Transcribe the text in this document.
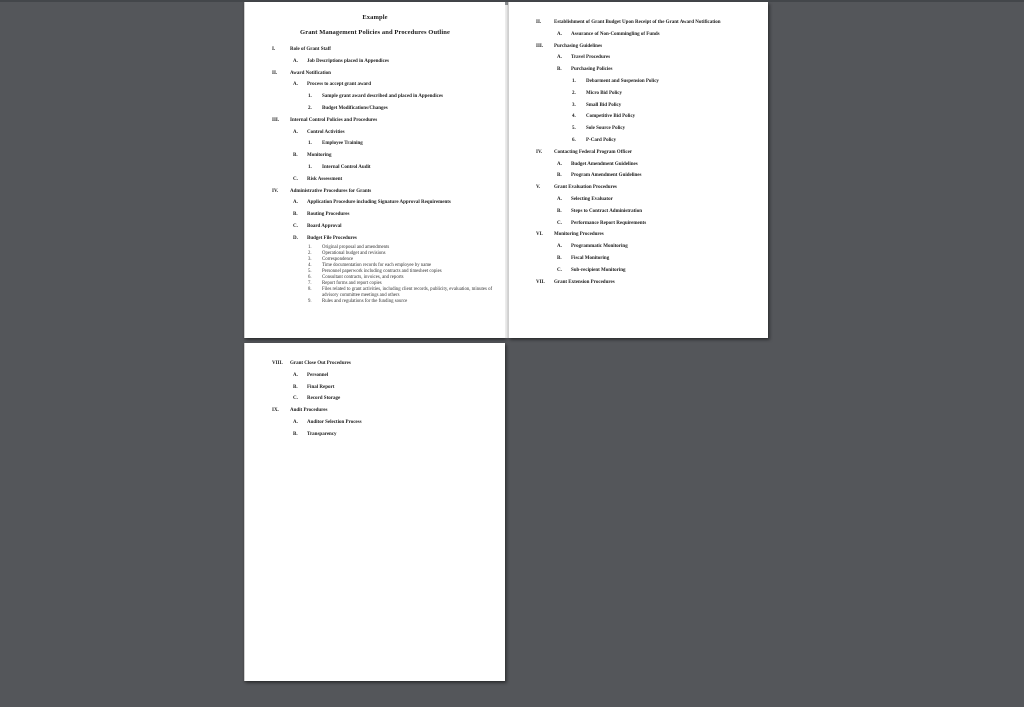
Example
Grant Management Policies and Procedures Outline
I.	Role of Grant Staff
A.	Job Descriptions placed in Appendices
II.	Award Notification
A.	Process to accept grant award
1.	Sample grant award described and placed in Appendices
2.	Budget Modifications/Changes
III.	Internal Control Policies and Procedures
A.	Control Activities
1.	Employee Training
B.	Monitoring
1.	Internal Control Audit
C.	Risk Assessment
IV.	Administrative Procedures for Grants
A.	Application Procedure including Signature Approval Requirements
B.	Routing Procedures
C.	Board Approval
D.	Budget File Procedures
1.	Original proposal and amendments
2.	Operational budget and revisions
3.	Correspondence
4.	Time documentation records for each employee by name
5.	Personnel paperwork including contracts and timesheet copies
6.	Consultant contracts, invoices, and reports
7.	Report forms and report copies
8.	Files related to grant activities, including client records, publicity, evaluation, minutes of advisory committee meetings and others
9.	Rules and regulations for the funding source
II.	Establishment of Grant Budget Upon Receipt of the Grant Award Notification
A.	Assurance of Non-Commingling of Funds
III.	Purchasing Guidelines
A.	Travel Procedures
B.	Purchasing Policies
1.	Debarment and Suspension Policy
2.	Micro Bid Policy
3.	Small Bid Policy
4.	Competitive Bid Policy
5.	Sole Source Policy
6.	P-Card Policy
IV.	Contacting Federal Program Officer
A.	Budget Amendment Guidelines
B.	Program Amendment Guidelines
V.	Grant Evaluation Procedures
A.	Selecting Evaluator
B.	Steps to Contract Administration
C.	Performance Report Requirements
VI.	Monitoring Procedures
A.	Programmatic Monitoring
B.	Fiscal Monitoring
C.	Sub-recipient Monitoring
VII.	Grant Extension Procedures
VIII.	Grant Close Out Procedures
A.	Personnel
B.	Final Report
C.	Record Storage
IX.	Audit Procedures
A.	Auditor Selection Process
B.	Transparency
